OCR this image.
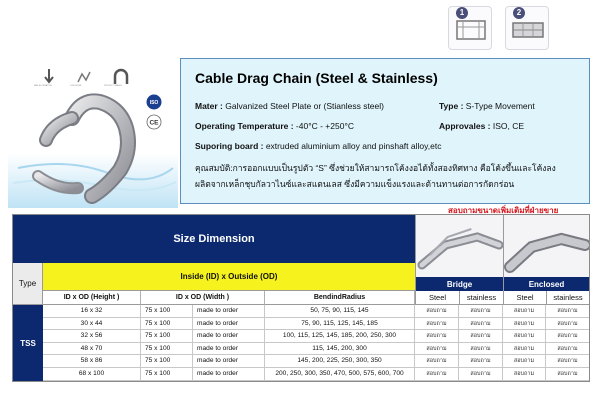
MAX ELONGATION	LOW NOISE	PROTECT CABLES
ISO
CE
1	2
Cable Drag Chain (Steel & Stainless)
Mater : Galvanized Steel Plate or (Stianless steel)	Type : S-Type Movement
Operating Temperature : -40°C - +250°C	Approvales : ISO, CE
Suporing board : extruded aluminium alloy and pinshaft alloy,etc
คุณสมบัติ:การออกแบบเป็นรูปตัว “S” ซึ่งช่วยให้สามารถโค้งงอได้ทั้งสองทิศทาง คือโค้งขึ้นและโค้งลง
ผลิตจากเหล็กชุบกัลวาไนซ์และสแตนเลส ซึ่งมีความแข็งแรงและต้านทานต่อการกัดกร่อน
สอบถามขนาดเพิ่มเติมที่ฝ่ายขาย
Size Dimension
Type
Inside (ID) x Outside (OD)
ID x OD (Height )	ID x OD (Width )	BendindRadius
Bridge	Enclosed
Steel	stainless	Steel	stainless
TSS
16 x 32	75 x 100	made to order	50, 75, 90, 115, 145	สอบถาม	สอบถาม	สอบถาม	สอบถาม
30 x 44	75 x 100	made to order	75, 90, 115, 125, 145, 185	สอบถาม	สอบถาม	สอบถาม	สอบถาม
32 x 56	75 x 100	made to order	100, 115, 125, 145, 185, 200, 250, 300	สอบถาม	สอบถาม	สอบถาม	สอบถาม
48 x 70	75 x 100	made to order	115, 145, 200, 300	สอบถาม	สอบถาม	สอบถาม	สอบถาม
58 x 86	75 x 100	made to order	145, 200, 225, 250, 300, 350	สอบถาม	สอบถาม	สอบถาม	สอบถาม
68 x 100	75 x 100	made to order	200, 250, 300, 350, 470, 500, 575, 600, 700	สอบถาม	สอบถาม	สอบถาม	สอบถาม
